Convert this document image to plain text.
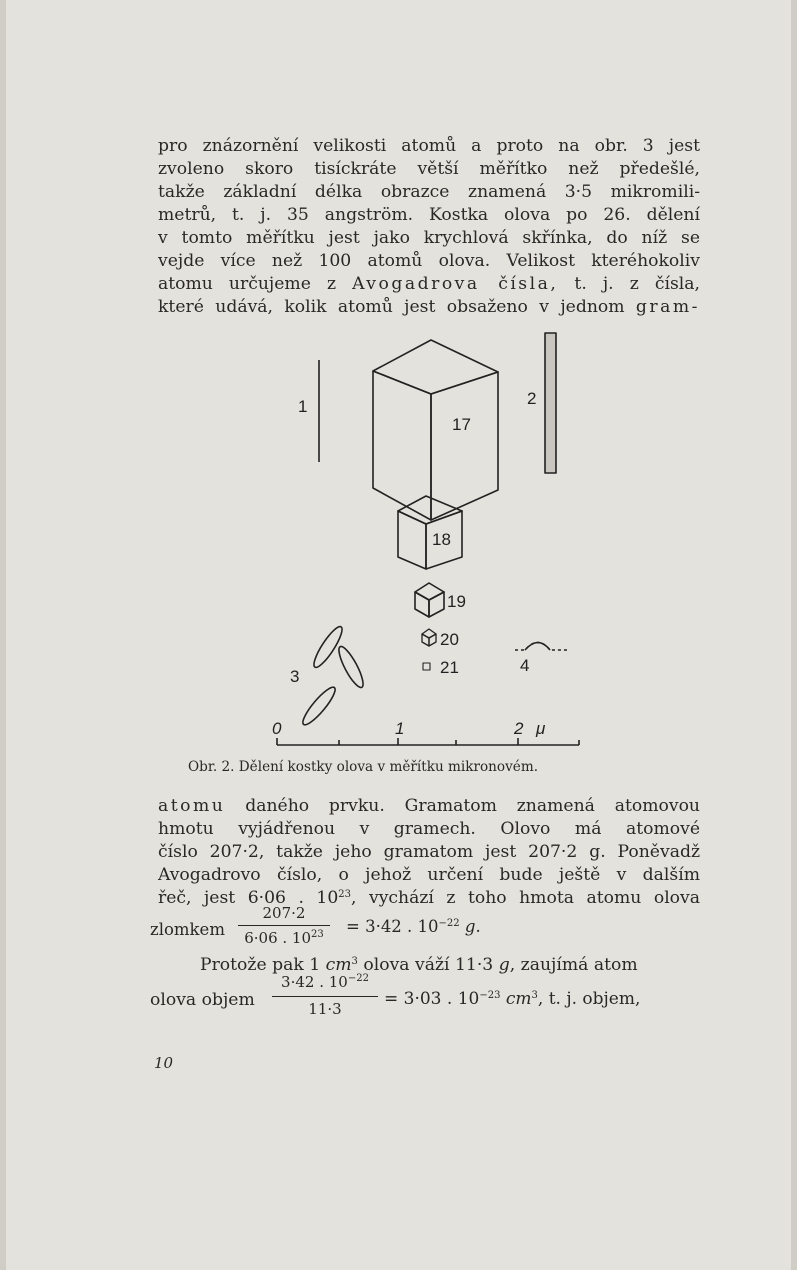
pro znázornění velikosti atomů a proto na obr. 3 jest
zvoleno skoro tisíckráte větší měřítko než předešlé,
takže základní délka obrazce znamená 3·5 mikromili-
metrů, t. j. 35 angström. Kostka olova po 26. dělení
v tomto měřítku jest jako krychlová skřínka, do níž se
vejde více než 100 atomů olova. Velikost kteréhokoliv
atomu určujeme z Avogadrova čísla, t. j. z čísla,
které udává, kolik atomů jest obsaženo v jednom gram-
1	2
17
18
19
20
21
3
4
0	1	2 μ
Obr. 2. Dělení kostky olova v měřítku mikronovém.
atomu daného prvku. Gramatom znamená atomovou
hmotu vyjádřenou v gramech. Olovo má atomové
číslo 207·2, takže jeho gramatom jest 207·2 g. Poněvadž
Avogadrovo číslo, o jehož určení bude ještě v dalším
řeč, jest 6·06 . $10^{23}$, vychází z toho hmota atomu olova
zlomkem
207·2
6·06 . $10^{23}$	= 3·42 . $10^{-22}$ g.
Protože pak 1 $cm^3$ olova váží 11·3 g, zaujímá atom
olova objem
3·42 . $10^{-22}$
11·3	= 3·03 . $10^{-23}$ $cm^3$, t. j. objem,
10
